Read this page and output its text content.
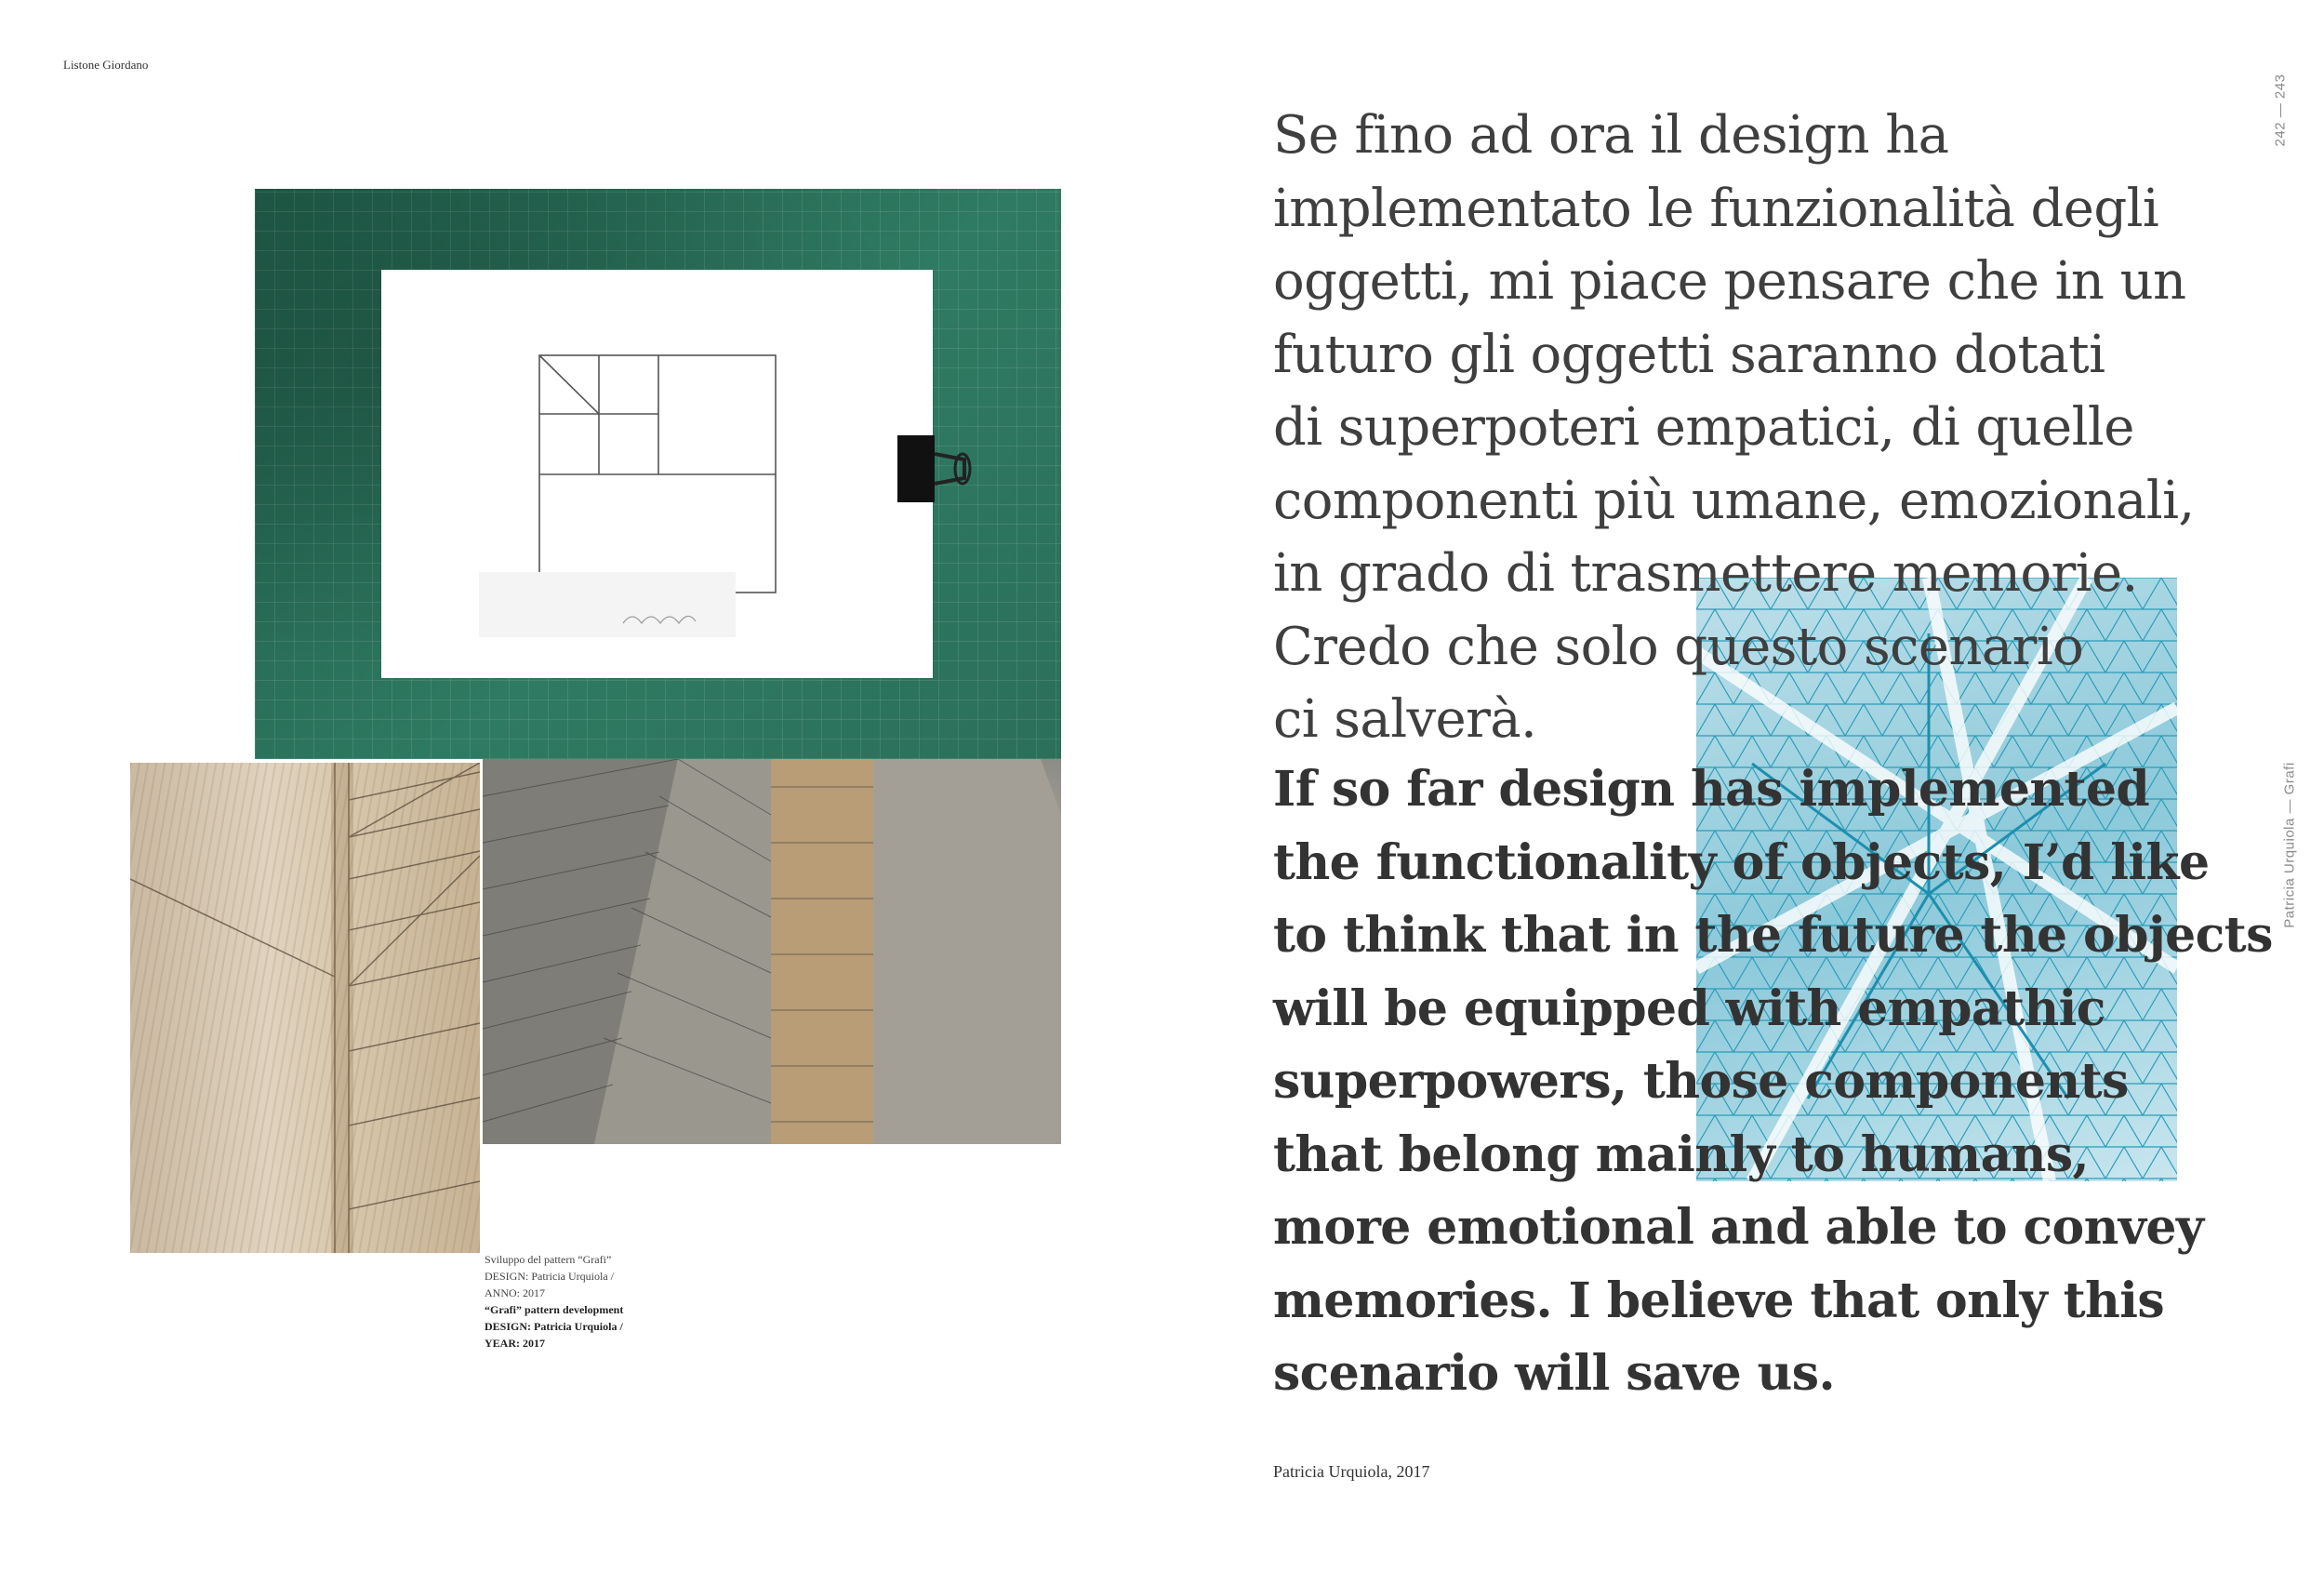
Listone Giordano
242 — 243
Patricia Urquiola — Grafi
Sviluppo del pattern “Grafi”
DESIGN: Patricia Urquiola /
ANNO: 2017
“Grafi” pattern development
DESIGN: Patricia Urquiola /
YEAR: 2017
Se fino ad ora il design ha
implementato le funzionalità degli
oggetti, mi piace pensare che in un
futuro gli oggetti saranno dotati
di superpoteri empatici, di quelle
componenti più umane, emozionali,
in grado di trasmettere memorie.
Credo che solo questo scenario
ci salverà.
If so far design has implemented
the functionality of objects, I’d like
to think that in the future the objects
will be equipped with empathic
superpowers, those components
that belong mainly to humans,
more emotional and able to convey
memories. I believe that only this
scenario will save us.
Patricia Urquiola, 2017
